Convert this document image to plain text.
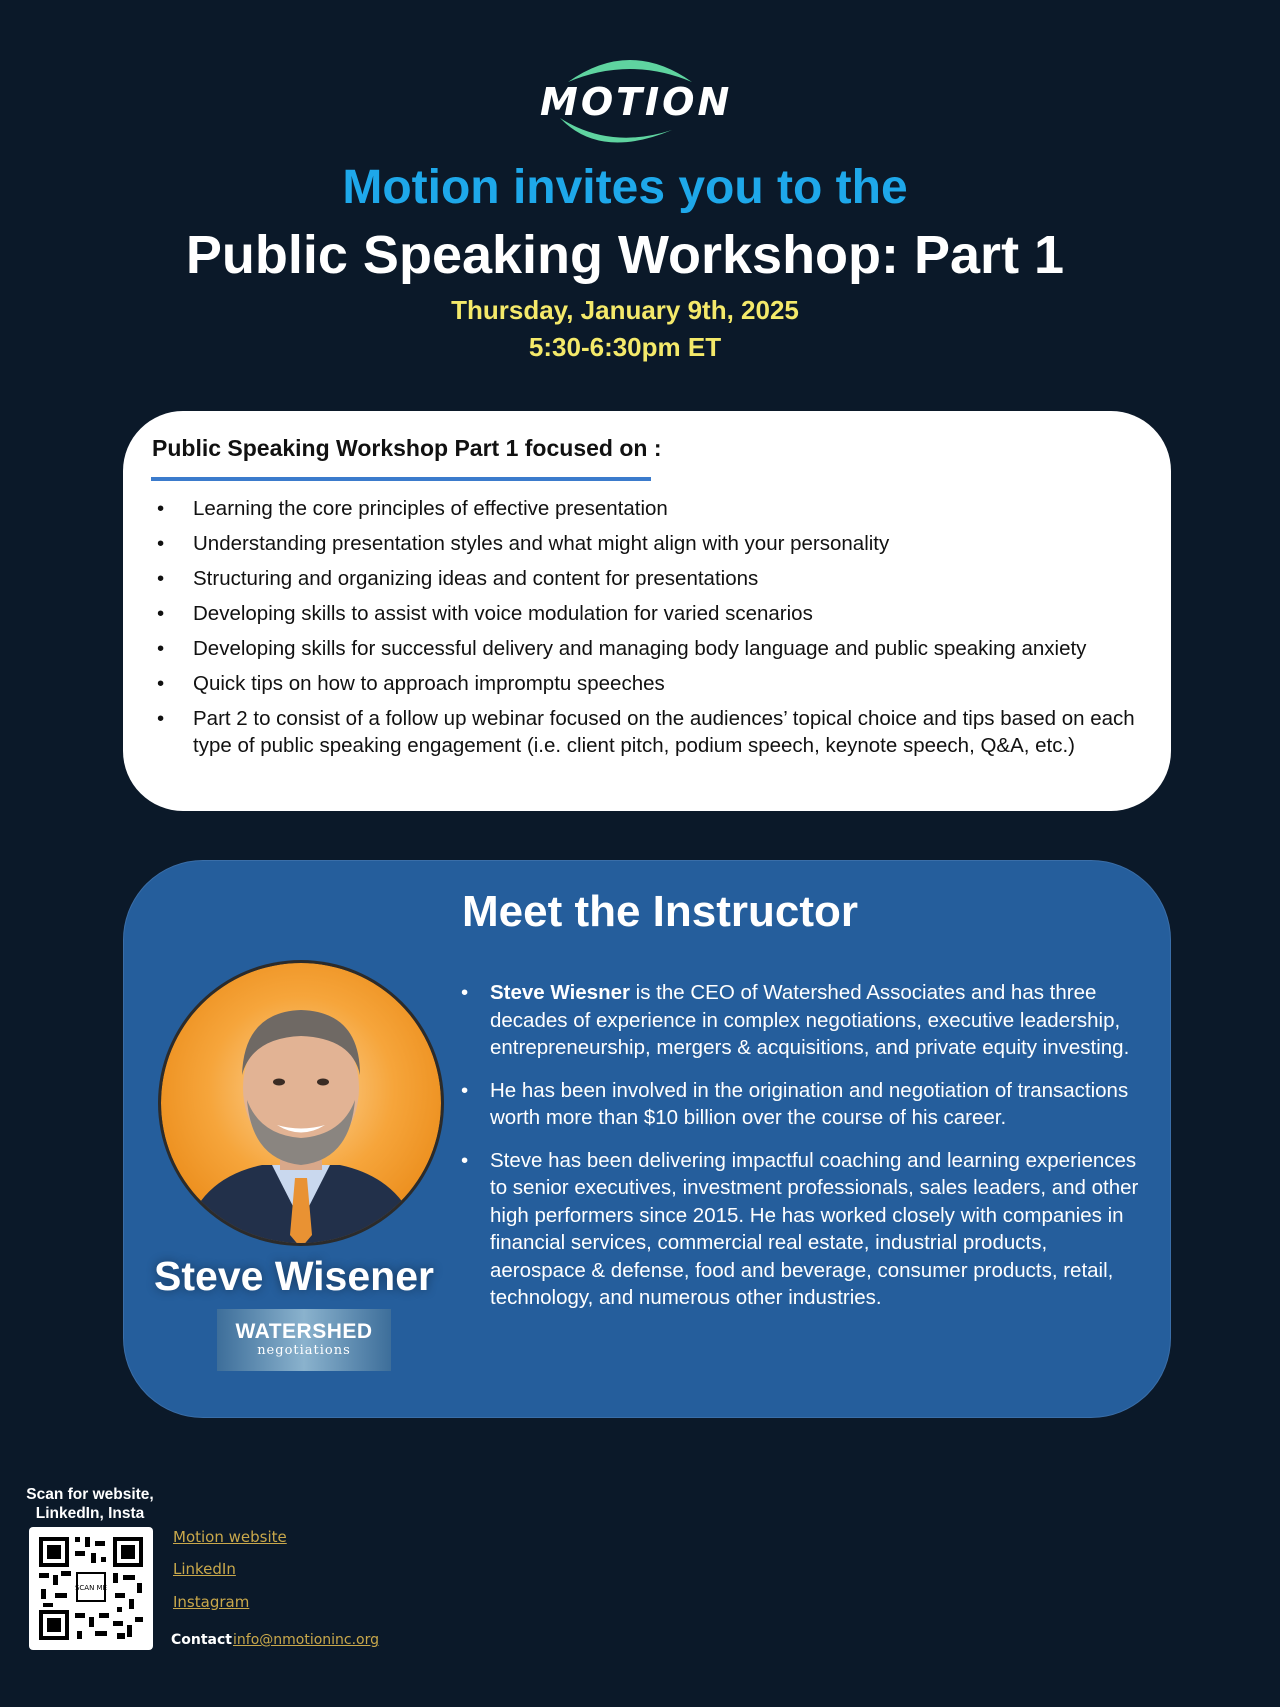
MOTION
Motion invites you to the
Public Speaking Workshop: Part 1
Thursday, January 9th, 2025
5:30-6:30pm ET
Public Speaking Workshop Part 1 focused on :
• Learning the core principles of effective presentation
• Understanding presentation styles and what might align with your personality
• Structuring and organizing ideas and content for presentations
• Developing skills to assist with voice modulation for varied scenarios
• Developing skills for successful delivery and managing body language and public speaking anxiety
• Quick tips on how to approach impromptu speeches
• Part 2 to consist of a follow up webinar focused on the audiences’ topical choice and tips based on each type of public speaking engagement (i.e. client pitch, podium speech, keynote speech, Q&A, etc.)
Meet the Instructor
Steve Wisener
WATERSHED
negotiations
• Steve Wiesner is the CEO of Watershed Associates and has three decades of experience in complex negotiations, executive leadership, entrepreneurship, mergers & acquisitions, and private equity investing.
• He has been involved in the origination and negotiation of transactions worth more than $10 billion over the course of his career.
• Steve has been delivering impactful coaching and learning experiences to senior executives, investment professionals, sales leaders, and other high performers since 2015. He has worked closely with companies in financial services, commercial real estate, industrial products, aerospace & defense, food and beverage, consumer products, retail, technology, and numerous other industries.
Scan for website, LinkedIn, Insta
SCAN ME
Motion website
LinkedIn
Instagram
Contact info@nmotioninc.org
